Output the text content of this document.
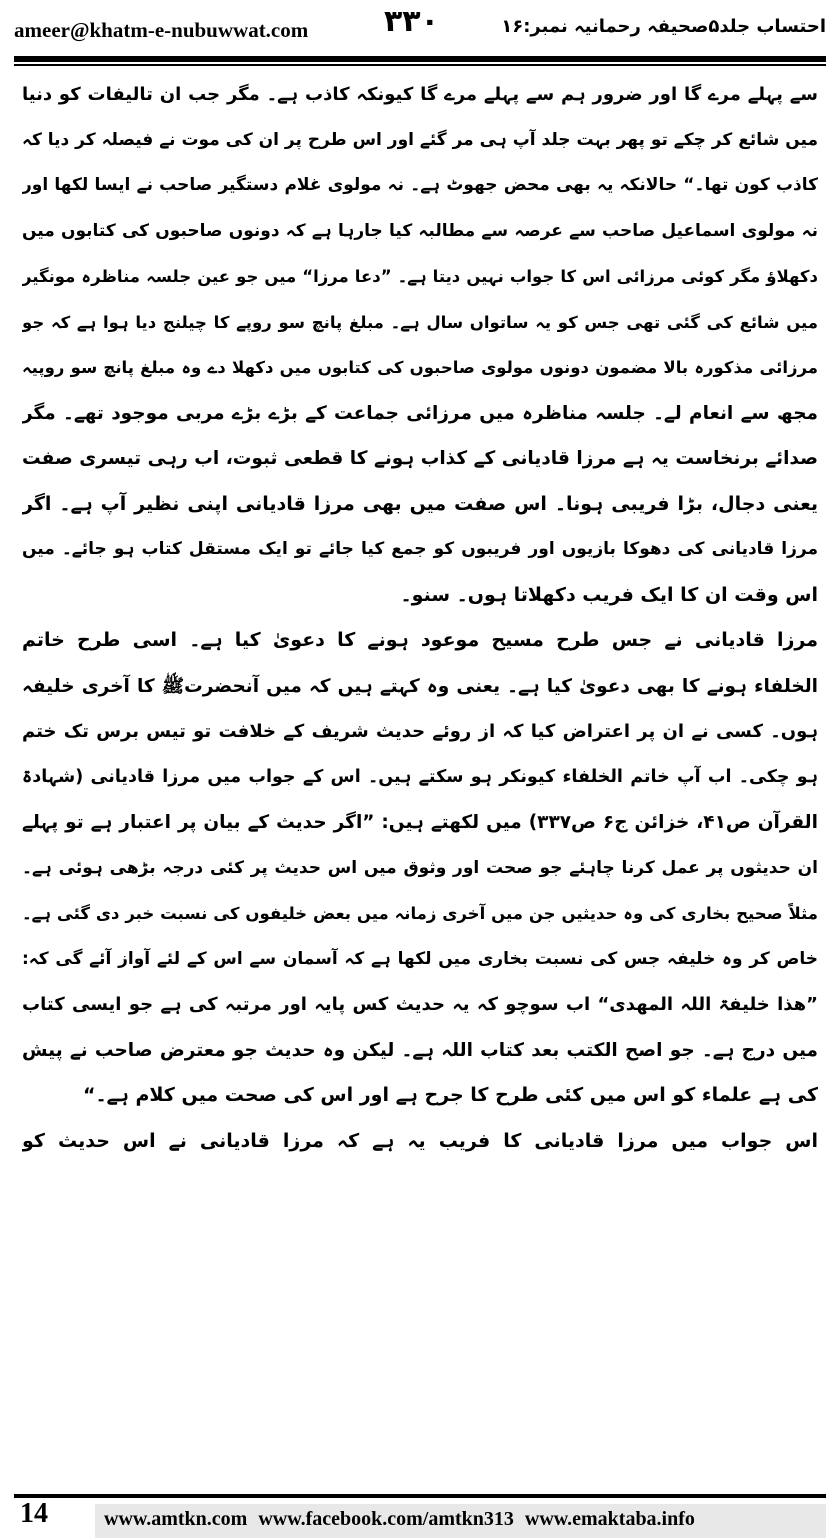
ameer@khatm-e-nubuwwat.com	۳۳۰	احتساب جلد۵صحیفہ رحمانیہ نمبر:۱۶
سے پہلے مرے گا اور ضرور ہم سے پہلے مرے گا کیونکہ کاذب ہے۔ مگر جب ان تالیفات کو دنیا
میں شائع کر چکے تو پھر بہت جلد آپ ہی مر گئے اور اس طرح پر ان کی موت نے فیصلہ کر دیا کہ
کاذب کون تھا۔“ حالانکہ یہ بھی محض جھوٹ ہے۔ نہ مولوی غلام دستگیر صاحب نے ایسا لکھا اور
نہ مولوی اسماعیل صاحب سے عرصہ سے مطالبہ کیا جارہا ہے کہ دونوں صاحبوں کی کتابوں میں
دکھلاؤ مگر کوئی مرزائی اس کا جواب نہیں دیتا ہے۔ ”دعا مرزا“ میں جو عین جلسہ مناظرہ مونگیر
میں شائع کی گئی تھی جس کو یہ ساتواں سال ہے۔ مبلغ پانچ سو روپے کا چیلنج دیا ہوا ہے کہ جو
مرزائی مذکورہ بالا مضمون دونوں مولوی صاحبوں کی کتابوں میں دکھلا دے وہ مبلغ پانچ سو روپیہ
مجھ سے انعام لے۔ جلسہ مناظرہ میں مرزائی جماعت کے بڑے بڑے مربی موجود تھے۔ مگر
صدائے برنخاست یہ ہے مرزا قادیانی کے کذاب ہونے کا قطعی ثبوت، اب رہی تیسری صفت
یعنی دجال، بڑا فریبی ہونا۔ اس صفت میں بھی مرزا قادیانی اپنی نظیر آپ ہے۔ اگر
مرزا قادیانی کی دھوکا بازیوں اور فریبوں کو جمع کیا جائے تو ایک مستقل کتاب ہو جائے۔ میں
اس وقت ان کا ایک فریب دکھلاتا ہوں۔ سنو۔
مرزا قادیانی نے جس طرح مسیح موعود ہونے کا دعویٰ کیا ہے۔ اسی طرح خاتم
الخلفاء ہونے کا بھی دعویٰ کیا ہے۔ یعنی وہ کہتے ہیں کہ میں آنحضرتﷺ کا آخری خلیفہ
ہوں۔ کسی نے ان پر اعتراض کیا کہ از روئے حدیث شریف کے خلافت تو تیس برس تک ختم
ہو چکی۔ اب آپ خاتم الخلفاء کیونکر ہو سکتے ہیں۔ اس کے جواب میں مرزا قادیانی (شہادۃ
القرآن ص۴۱، خزائن ج۶ ص۳۳۷) میں لکھتے ہیں: ”اگر حدیث کے بیان پر اعتبار ہے تو پہلے
ان حدیثوں پر عمل کرنا چاہئے جو صحت اور وثوق میں اس حدیث پر کئی درجہ بڑھی ہوئی ہے۔
مثلاً صحیح بخاری کی وہ حدیثیں جن میں آخری زمانہ میں بعض خلیفوں کی نسبت خبر دی گئی ہے۔
خاص کر وہ خلیفہ جس کی نسبت بخاری میں لکھا ہے کہ آسمان سے اس کے لئے آواز آئے گی کہ:
”ھذا خلیفۃ اللہ المھدی“ اب سوچو کہ یہ حدیث کس پایہ اور مرتبہ کی ہے جو ایسی کتاب
میں درج ہے۔ جو اصح الکتب بعد کتاب اللہ ہے۔ لیکن وہ حدیث جو معترض صاحب نے پیش
کی ہے علماء کو اس میں کئی طرح کا جرح ہے اور اس کی صحت میں کلام ہے۔“
اس جواب میں مرزا قادیانی کا فریب یہ ہے کہ مرزا قادیانی نے اس حدیث کو
14	www.amtkn.com www.facebook.com/amtkn313 www.emaktaba.info
